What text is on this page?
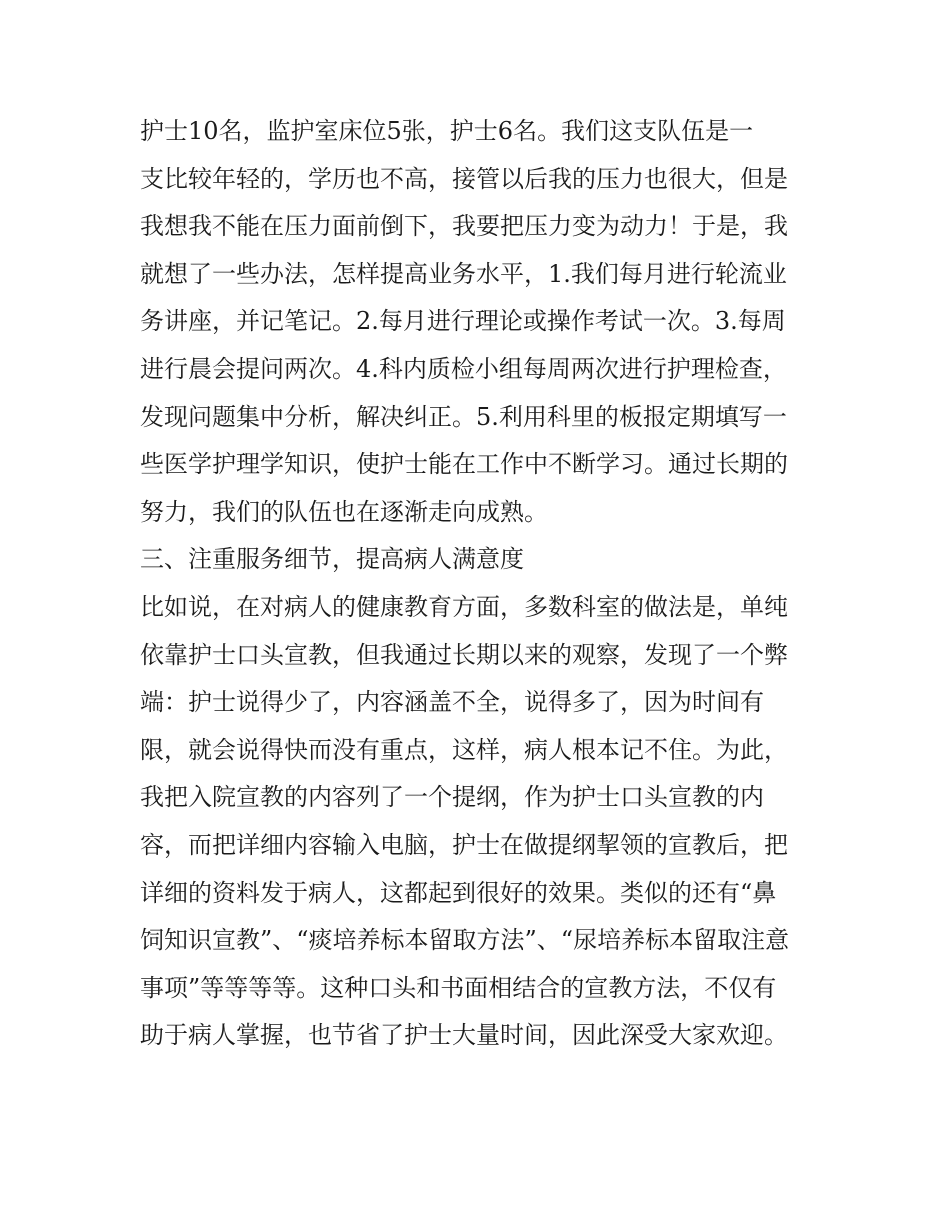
护士10名，监护室床位5张，护士6名。我们这支队伍是一
支比较年轻的，学历也不高，接管以后我的压力也很大，但是
我想我不能在压力面前倒下，我要把压力变为动力！于是，我
就想了一些办法，怎样提高业务水平，1.我们每月进行轮流业
务讲座，并记笔记。2.每月进行理论或操作考试一次。3.每周
进行晨会提问两次。4.科内质检小组每周两次进行护理检查，
发现问题集中分析，解决纠正。5.利用科里的板报定期填写一
些医学护理学知识，使护士能在工作中不断学习。通过长期的
努力，我们的队伍也在逐渐走向成熟。
三、注重服务细节，提高病人满意度
比如说，在对病人的健康教育方面，多数科室的做法是，单纯
依靠护士口头宣教，但我通过长期以来的观察，发现了一个弊
端：护士说得少了，内容涵盖不全，说得多了，因为时间有
限，就会说得快而没有重点，这样，病人根本记不住。为此，
我把入院宣教的内容列了一个提纲，作为护士口头宣教的内
容，而把详细内容输入电脑，护士在做提纲挈领的宣教后，把
详细的资料发于病人，这都起到很好的效果。类似的还有“鼻
饲知识宣教”、“痰培养标本留取方法”、“尿培养标本留取注意
事项”等等等等。这种口头和书面相结合的宣教方法，不仅有
助于病人掌握，也节省了护士大量时间，因此深受大家欢迎。
